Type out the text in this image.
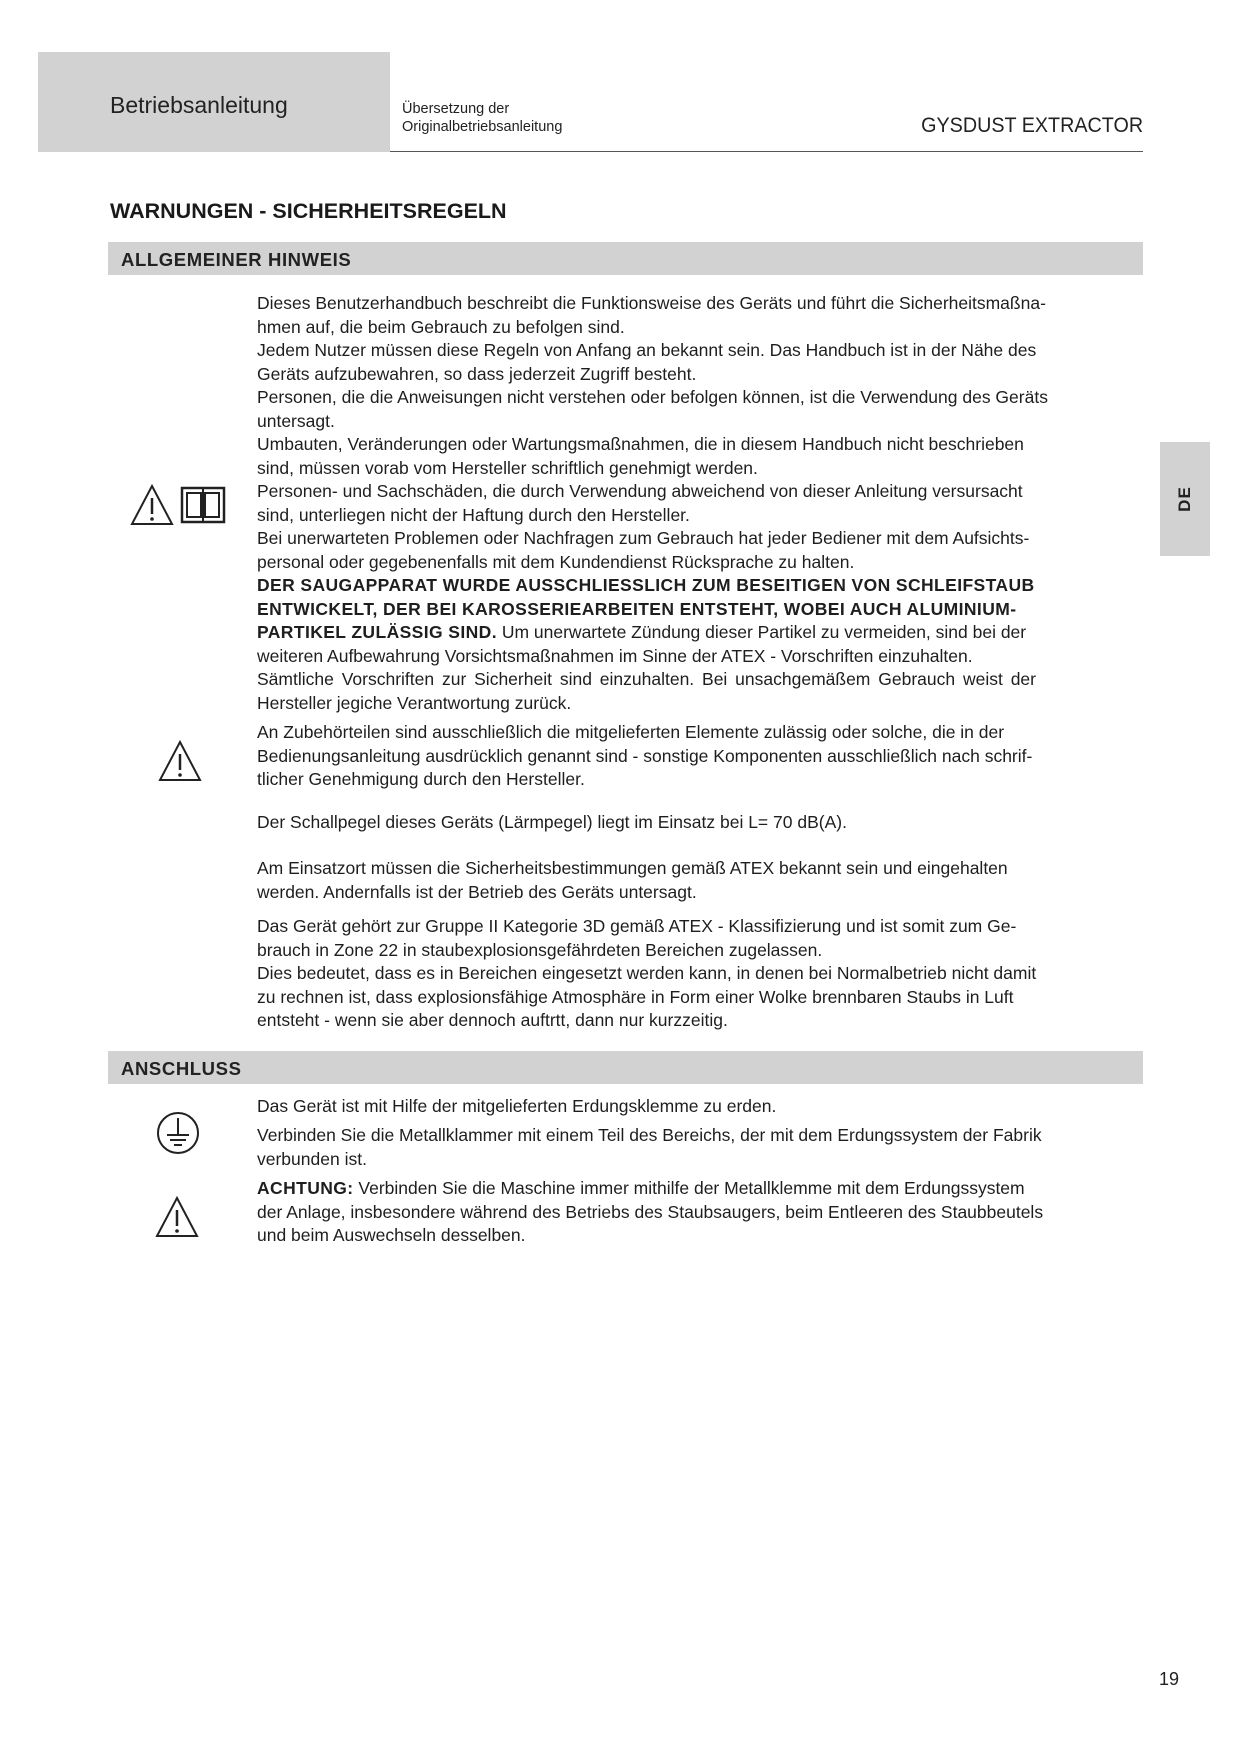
Betriebsanleitung	Übersetzung der
Originalbetriebsanleitung	GYSDUST EXTRACTOR
DE
WARNUNGEN - SICHERHEITSREGELN
ALLGEMEINER HINWEIS

Dieses Benutzerhandbuch beschreibt die Funktionsweise des Geräts und führt die Sicherheitsmaßna-

hmen auf, die beim Gebrauch zu befolgen sind.

Jedem Nutzer müssen diese Regeln von Anfang an bekannt sein. Das Handbuch ist in der Nähe des

Geräts aufzubewahren, so dass jederzeit Zugriff besteht.

Personen, die die Anweisungen nicht verstehen oder befolgen können, ist die Verwendung des Geräts

untersagt.

Umbauten, Veränderungen oder Wartungsmaßnahmen, die in diesem Handbuch nicht beschrieben

sind, müssen vorab vom Hersteller schriftlich genehmigt werden.

Personen- und Sachschäden, die durch Verwendung abweichend von dieser Anleitung versursacht

sind, unterliegen nicht der Haftung durch den Hersteller.

Bei unerwarteten Problemen oder Nachfragen zum Gebrauch hat jeder Bediener mit dem Aufsichts-

personal oder gegebenenfalls mit dem Kundendienst Rücksprache zu halten.

DER SAUGAPPARAT WURDE AUSSCHLIESSLICH ZUM BESEITIGEN VON SCHLEIFSTAUB

ENTWICKELT, DER BEI KAROSSERIEARBEITEN ENTSTEHT, WOBEI AUCH ALUMINIUM-

PARTIKEL ZULÄSSIG SIND. Um unerwartete Zündung dieser Partikel zu vermeiden, sind bei der

weiteren Aufbewahrung Vorsichtsmaßnahmen im Sinne der ATEX - Vorschriften einzuhalten.

Sämtliche Vorschriften zur Sicherheit sind einzuhalten. Bei unsachgemäßem Gebrauch weist der

Hersteller jegiche Verantwortung zurück.

An Zubehörteilen sind ausschließlich die mitgelieferten Elemente zulässig oder solche, die in der

Bedienungsanleitung ausdrücklich genannt sind - sonstige Komponenten ausschließlich nach schrif-

tlicher Genehmigung durch den Hersteller.

Der Schallpegel dieses Geräts (Lärmpegel) liegt im Einsatz bei L= 70 dB(A).

Am Einsatzort müssen die Sicherheitsbestimmungen gemäß ATEX bekannt sein und eingehalten

werden. Andernfalls ist der Betrieb des Geräts untersagt.

Das Gerät gehört zur Gruppe II Kategorie 3D gemäß ATEX - Klassifizierung und ist somit zum Ge-

brauch in Zone 22 in staubexplosionsgefährdeten Bereichen zugelassen.

Dies bedeutet, dass es in Bereichen eingesetzt werden kann, in denen bei Normalbetrieb nicht damit

zu rechnen ist, dass explosionsfähige Atmosphäre in Form einer Wolke brennbaren Staubs in Luft

entsteht - wenn sie aber dennoch auftrtt, dann nur kurzzeitig.

ANSCHLUSS

Das Gerät ist mit Hilfe der mitgelieferten Erdungsklemme zu erden.

Verbinden Sie die Metallklammer mit einem Teil des Bereichs, der mit dem Erdungssystem der Fabrik

verbunden ist.

ACHTUNG: Verbinden Sie die Maschine immer mithilfe der Metallklemme mit dem Erdungssystem

der Anlage, insbesondere während des Betriebs des Staubsaugers, beim Entleeren des Staubbeutels

und beim Auswechseln desselben.

19
